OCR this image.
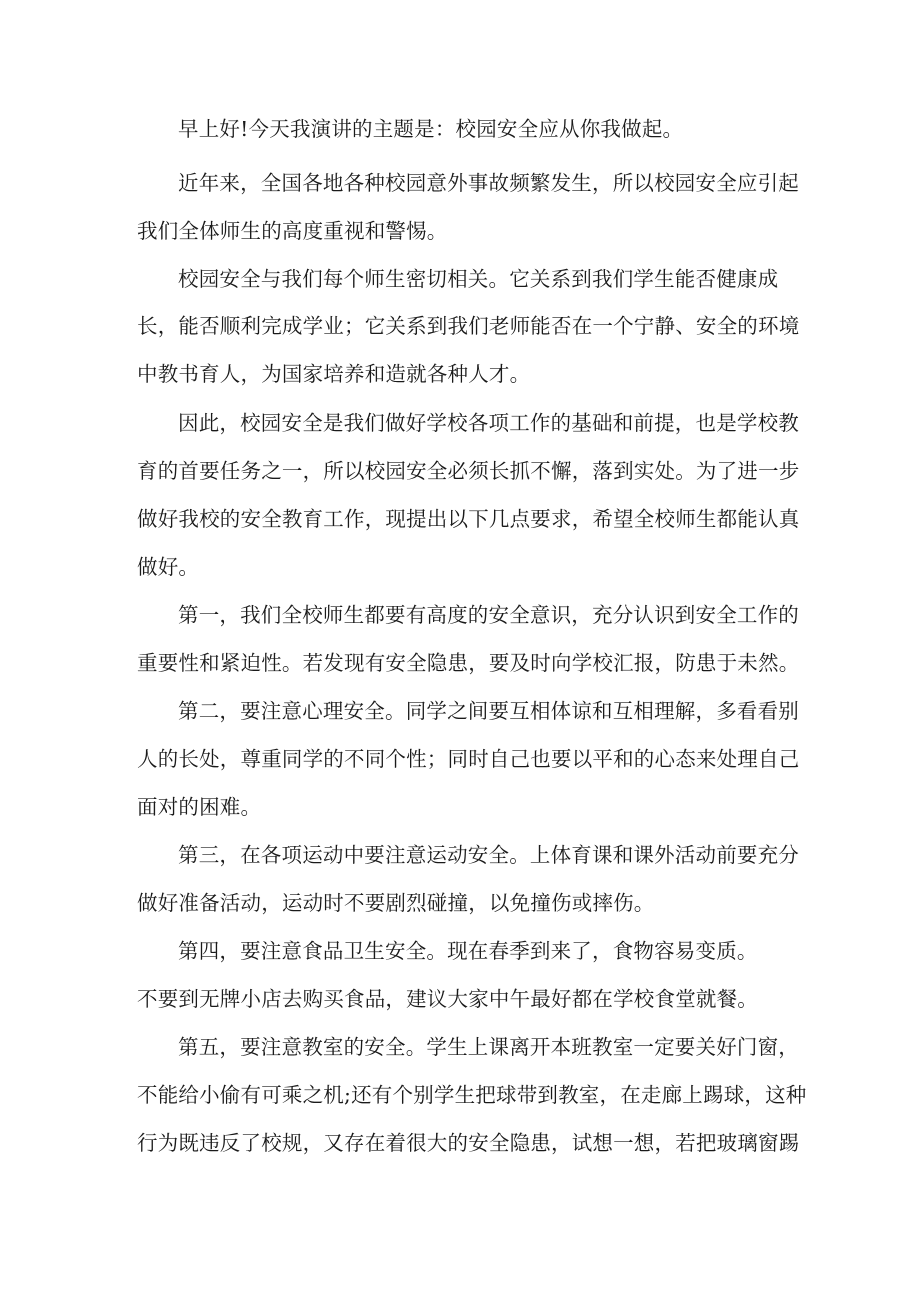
早上好!今天我演讲的主题是：校园安全应从你我做起。

近年来，全国各地各种校园意外事故频繁发生，所以校园安全应引起

我们全体师生的高度重视和警惕。

校园安全与我们每个师生密切相关。它关系到我们学生能否健康成

长，能否顺利完成学业；它关系到我们老师能否在一个宁静、安全的环境

中教书育人，为国家培养和造就各种人才。

因此，校园安全是我们做好学校各项工作的基础和前提，也是学校教

育的首要任务之一，所以校园安全必须长抓不懈，落到实处。为了进一步

做好我校的安全教育工作，现提出以下几点要求，希望全校师生都能认真

做好。

第一，我们全校师生都要有高度的安全意识，充分认识到安全工作的

重要性和紧迫性。若发现有安全隐患，要及时向学校汇报，防患于未然。

第二，要注意心理安全。同学之间要互相体谅和互相理解，多看看别

人的长处，尊重同学的不同个性；同时自己也要以平和的心态来处理自己

面对的困难。

第三，在各项运动中要注意运动安全。上体育课和课外活动前要充分

做好准备活动，运动时不要剧烈碰撞，以免撞伤或摔伤。

第四，要注意食品卫生安全。现在春季到来了，食物容易变质。

不要到无牌小店去购买食品，建议大家中午最好都在学校食堂就餐。

第五，要注意教室的安全。学生上课离开本班教室一定要关好门窗，

不能给小偷有可乘之机;还有个别学生把球带到教室，在走廊上踢球，这种

行为既违反了校规，又存在着很大的安全隐患，试想一想，若把玻璃窗踢
